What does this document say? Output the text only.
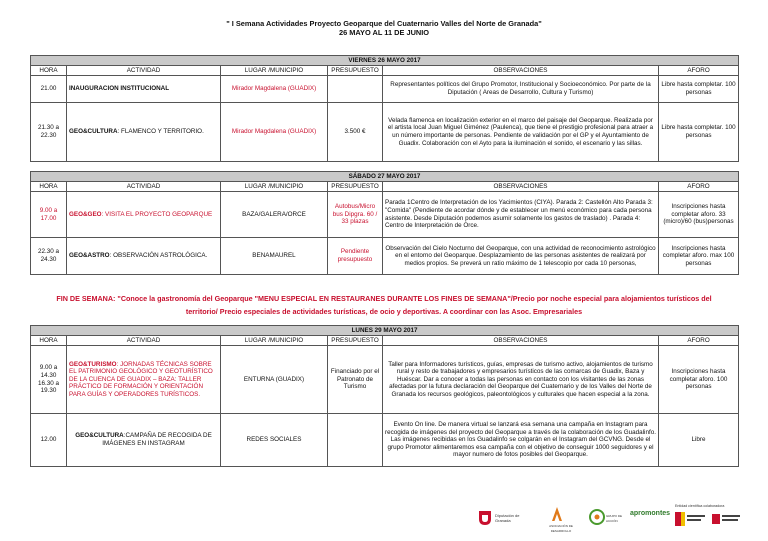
" I Semana Actividades Proyecto Geoparque del Cuaternario Valles del Norte de Granada"
26 MAYO AL 11 DE JUNIO
VIERNES 26 MAYO 2017					
HORA	ACTIVIDAD	LUGAR /MUNICIPIO	PRESUPUESTO	OBSERVACIONES	AFORO
21.00	INAUGURACION INSTITUCIONAL	Mirador Magdalena (GUADIX)		Representantes políticos del Grupo Promotor, Institucional y Socioeconómico. Por parte de la Diputación ( Areas de Desarrollo, Cultura y Turismo)	Libre hasta completar. 100 personas
21.30 a 22.30	GEO&CULTURA: FLAMENCO Y TERRITORIO.	Mirador Magdalena (GUADIX)	3.500 €	Velada flamenca en localización exterior en el marco del paisaje del Geoparque. Realizada por el artista local Juan Miguel Giménez (Paulenca), que tiene el prestigio profesional para atraer a un número importante de personas. Pendiente de validación por el GP y el Ayuntamiento de Guadix. Colaboración con el Ayto para la iluminación el sonido, el escenario y las sillas.	Libre hasta completar. 100 personas
SÁBADO 27 MAYO 2017					
HORA	ACTIVIDAD	LUGAR /MUNICIPIO	PRESUPUESTO	OBSERVACIONES	AFORO
9.00 a 17.00	GEO&GEO: VISITA EL PROYECTO GEOPARQUE	BAZA/GALERA/ORCE	Autobus/Micro bus Dipgra. 60 / 33 plazas	Parada 1Centro de Interpretación de los Yacimientos (CIYA). Parada 2: Castellón Alto Parada 3: "Comida" (Pendiente de acordar dónde y de establecer un menú económico para cada persona asistente. Desde Diputación podemos asumir solamente los gastos de traslado) . Parada 4: Centro de Interpretación de Orce.	Inscripciones hasta completar aforo. 33 (micro)/60 (bus)personas
22.30 a 24.30	GEO&ASTRO: OBSERVACIÓN ASTROLÓGICA.	BENAMAUREL	Pendiente presupuesto	Observación del Cielo Nocturno del Geoparque, con una actividad de reconocimiento astrológico en el entorno del Geoparque. Desplazamiento de las personas asistentes de realizará por medios propios. Se preverá un ratio máximo de 1 telescopio por cada 10 personas,	Inscripciones hasta completar aforo. max 100 personas
FIN DE SEMANA: "Conoce la gastronomía del Geoparque "MENU ESPECIAL EN RESTAURANES DURANTE LOS FINES DE SEMANA"/Precio por noche especial para alojamientos turísticos del
territorio/ Precio especiales de actividades turísticas, de ocio y deportivas. A coordinar con las Asoc. Empresariales
LUNES 29 MAYO 2017					
HORA	ACTIVIDAD	LUGAR /MUNICIPIO	PRESUPUESTO	OBSERVACIONES	AFORO
9.00 a 14.30 16.30 a 19.30	GEO&TURISMO: JORNADAS TÉCNICAS SOBRE EL PATRIMONIO GEOLÓGICO Y GEOTURÍSTICO DE LA CUENCA DE GUADIX – BAZA: TALLER PRÁCTICO DE FORMACIÓN Y ORIENTACIÓN PARA GUÍAS Y OPERADORES TURÍSTICOS.	ENTURNA (GUADIX)	Financiado por el Patronato de Turismo	Taller para Informadores turísticos, guías, empresas de turismo activo, alojamientos de turismo rural y resto de trabajadores y empresarios turísticos de las comarcas de Guadix, Baza y Huéscar. Dar a conocer a todas las personas en contacto con los visitantes de las zonas afectadas por la futura declaración del Geoparque del Cuaternario y de los Valles del Norte de Granada los recursos geológicos, paleontológicos y culturales que hacen especial a la zona.	Inscripciones hasta completar aforo. 100 personas
12.00	GEO&CULTURA:CAMPAÑA DE RECOGIDA DE IMÁGENES EN INSTAGRAM	REDES SOCIALES		Evento On line. De manera virtual se lanzará esa semana una campaña en Instagram para recogida de imágenes del proyecto del Geoparque a través de la colaboración de los Guadalinfo. Las imágenes recibidas en los Guadalinfo se colgarán en el Instagram del GCVNG. Desde el grupo Promotor alimentaremos esa campaña con el objetivo de conseguir 1000 seguidores y el mayor numero de fotos posibles del Geoparque.	Libre
Diputación de Granada
ASOCIACIÓN DE DESARROLLO
GRUPO DE ACCIÓN
apromontes
Entidad científica colaboradora
